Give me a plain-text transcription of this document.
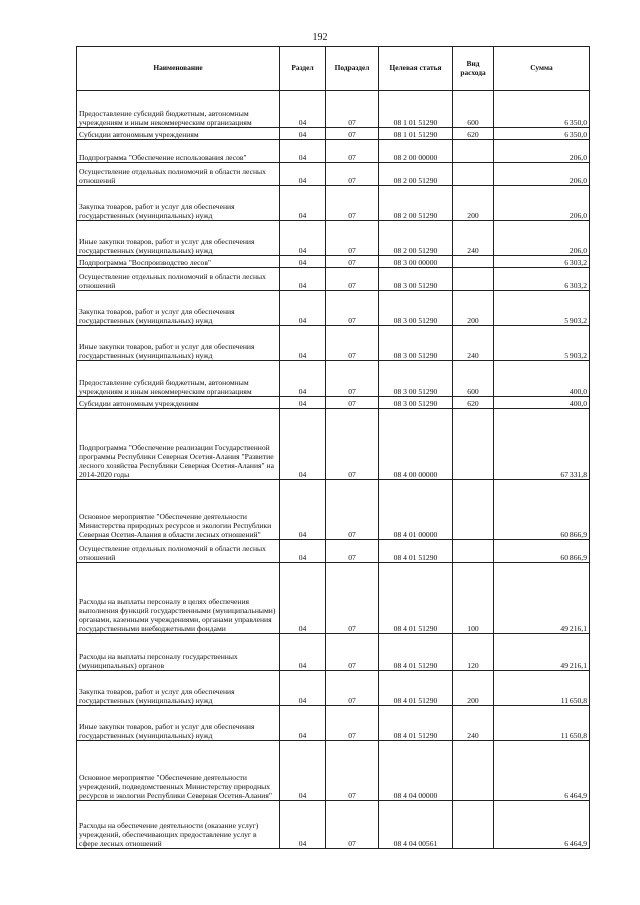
192
Наименование	Раздел	Подраздел	Целевая статья	Вид расхода	Сумма
Предоставление субсидий бюджетным, автономным учреждениям и иным некоммерческим организациям	04	07	08 1 01 51290	600	6 350,0
Субсидии автономным учреждениям	04	07	08 1 01 51290	620	6 350,0
Подпрограмма "Обеспечение использования лесов"	04	07	08 2 00 00000		206,0
Осуществление отдельных полномочий в области лесных отношений	04	07	08 2 00 51290		206,0
Закупка товаров, работ и услуг для обеспечения государственных (муниципальных) нужд	04	07	08 2 00 51290	200	206,0
Иные закупки товаров, работ и услуг для обеспечения государственных (муниципальных) нужд	04	07	08 2 00 51290	240	206,0
Подпрограмма "Воспроизводство лесов"	04	07	08 3 00 00000		6 303,2
Осуществление отдельных полномочий в области лесных отношений	04	07	08 3 00 51290		6 303,2
Закупка товаров, работ и услуг для обеспечения государственных (муниципальных) нужд	04	07	08 3 00 51290	200	5 903,2
Иные закупки товаров, работ и услуг для обеспечения государственных (муниципальных) нужд	04	07	08 3 00 51290	240	5 903,2
Предоставление субсидий бюджетным, автономным учреждениям и иным некоммерческим организациям	04	07	08 3 00 51290	600	400,0
Субсидии автономным учреждениям	04	07	08 3 00 51290	620	400,0
Подпрограмма "Обеспечение реализации Государственной программы Республики Северная Осетия-Алания "Развитие лесного хозяйства Республики Северная Осетия-Алания" на 2014-2020 годы	04	07	08 4 00 00000		67 331,8
Основное мероприятие "Обеспечение деятельности Министерства природных ресурсов и экологии Республики Северная Осетия-Алания в области лесных отношений"	04	07	08 4 01 00000		60 866,9
Осуществление отдельных полномочий в области лесных отношений	04	07	08 4 01 51290		60 866,9
Расходы на выплаты персоналу в целях обеспечения выполнения функций государственными (муниципальными) органами, казенными учреждениями, органами управления государственными внебюджетными фондами	04	07	08 4 01 51290	100	49 216,1
Расходы на выплаты персоналу государственных (муниципальных) органов	04	07	08 4 01 51290	120	49 216,1
Закупка товаров, работ и услуг для обеспечения государственных (муниципальных) нужд	04	07	08 4 01 51290	200	11 650,8
Иные закупки товаров, работ и услуг для обеспечения государственных (муниципальных) нужд	04	07	08 4 01 51290	240	11 650,8
Основное мероприятие "Обеспечение деятельности учреждений, подведомственных Министерству природных ресурсов и экологии Республики Северная Осетия-Алания"	04	07	08 4 04 00000		6 464,9
Расходы на обеспечение деятельности (оказание услуг) учреждений, обеспечивающих предоставление услуг в сфере лесных отношений	04	07	08 4 04 00561		6 464,9
